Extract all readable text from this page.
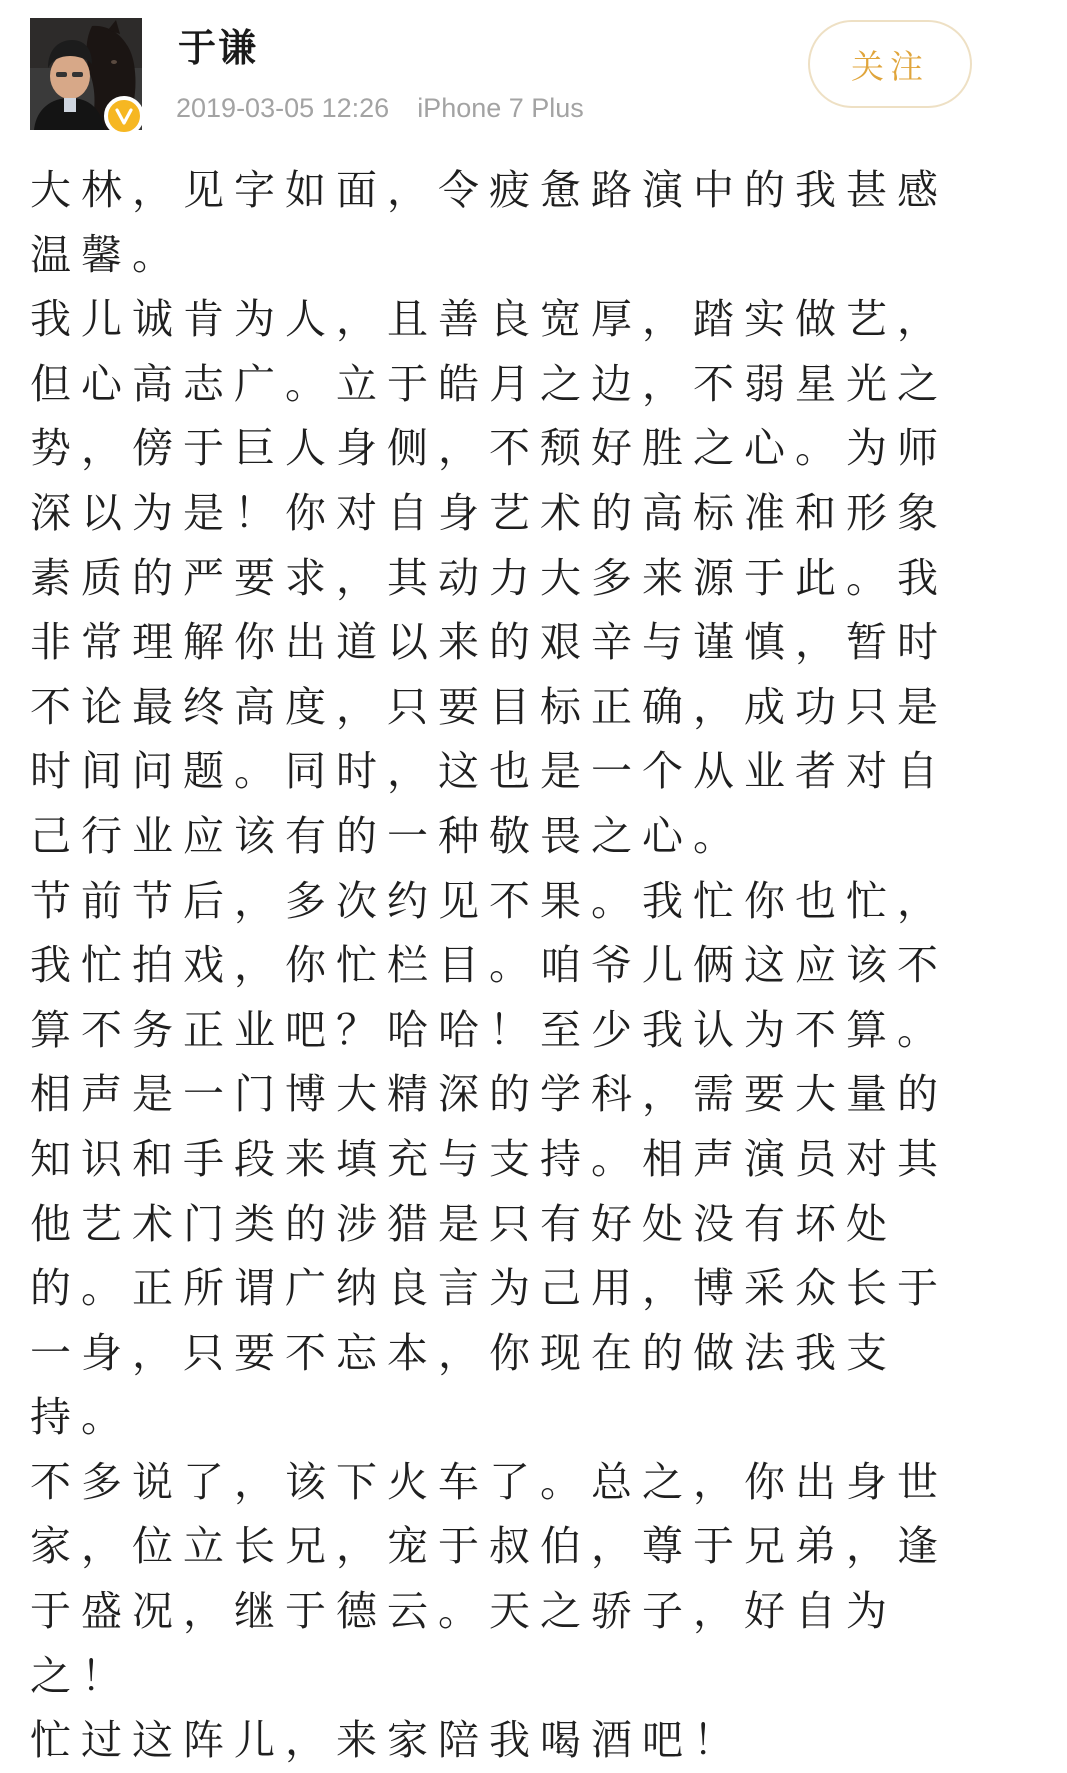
于谦
2019-03-05 12:26 iPhone 7 Plus
关注

大林，见字如面，令疲惫路演中的我甚感温馨。

我儿诚肯为人，且善良宽厚，踏实做艺，但心高志广。立于皓月之边，不弱星光之势，傍于巨人身侧，不颓好胜之心。为师深以为是！你对自身艺术的高标准和形象素质的严要求，其动力大多来源于此。我非常理解你出道以来的艰辛与谨慎，暂时不论最终高度，只要目标正确，成功只是时间问题。同时，这也是一个从业者对自己行业应该有的一种敬畏之心。

节前节后，多次约见不果。我忙你也忙，我忙拍戏，你忙栏目。咱爷儿俩这应该不算不务正业吧？哈哈！至少我认为不算。相声是一门博大精深的学科，需要大量的知识和手段来填充与支持。相声演员对其他艺术门类的涉猎是只有好处没有坏处的。正所谓广纳良言为己用，博采众长于一身，只要不忘本，你现在的做法我支持。

不多说了，该下火车了。总之，你出身世家，位立长兄，宠于叔伯，尊于兄弟，逢于盛况，继于德云。天之骄子，好自为之！

忙过这阵儿，来家陪我喝酒吧！
